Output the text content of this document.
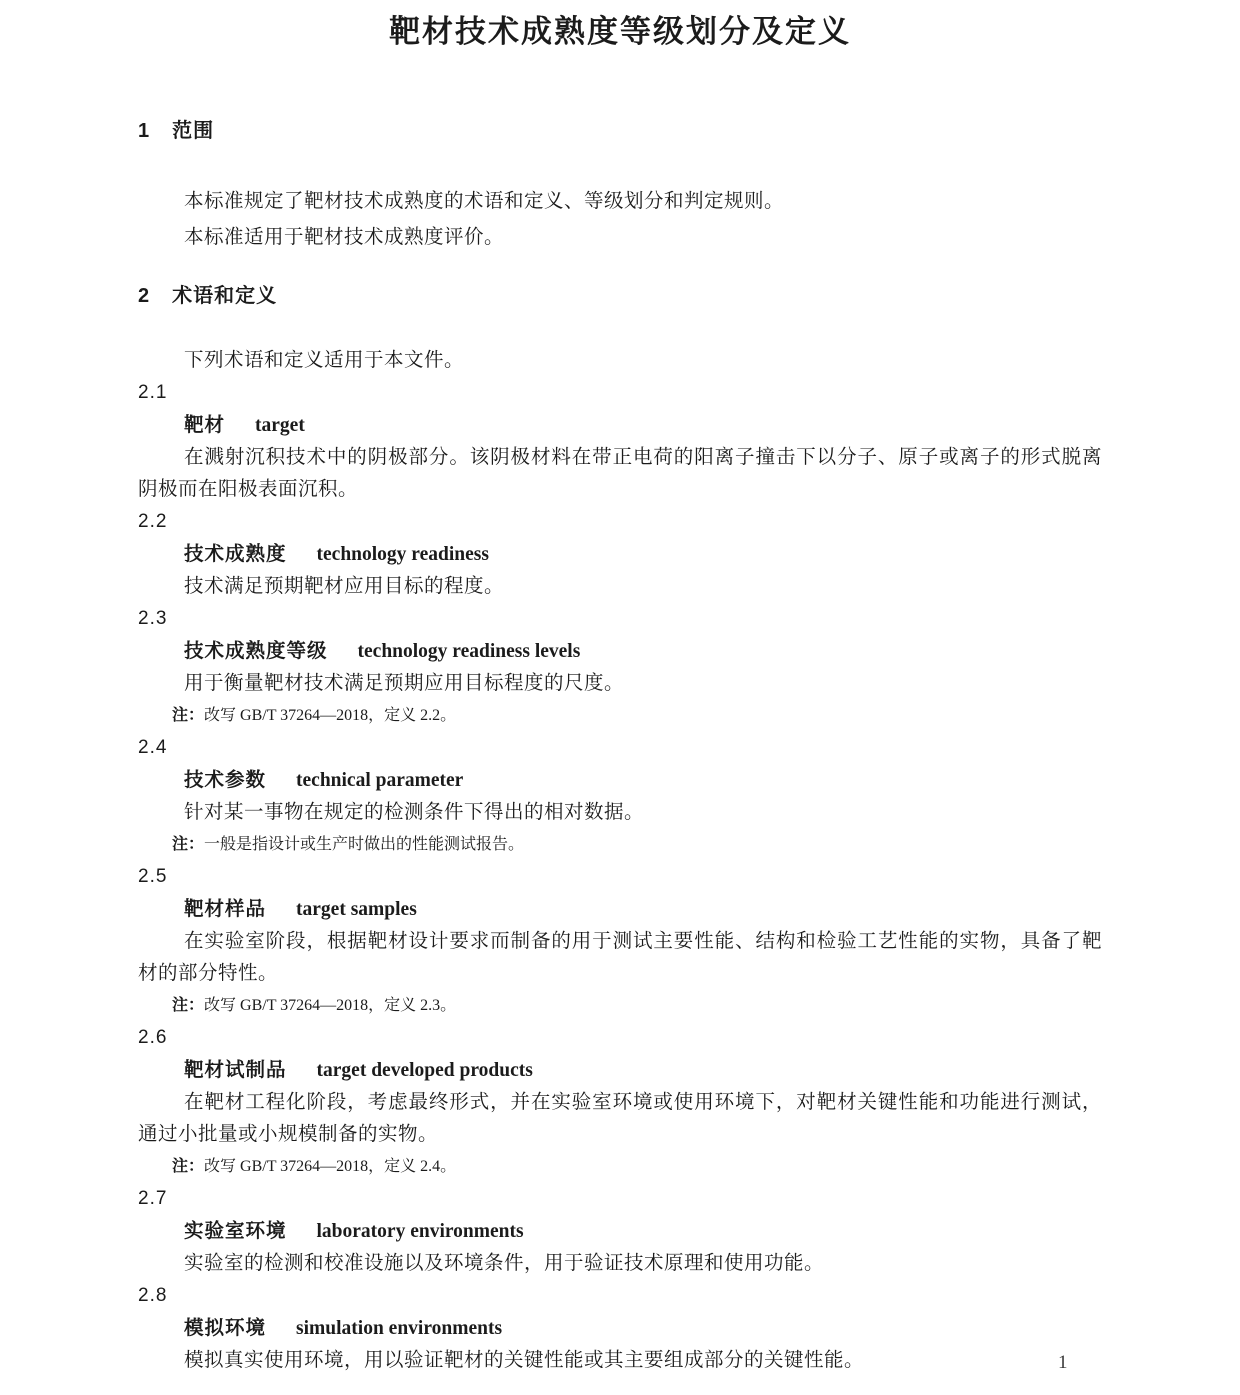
靶材技术成熟度等级划分及定义
1 范围

本标准规定了靶材技术成熟度的术语和定义、等级划分和判定规则。

本标准适用于靶材技术成熟度评价。

2 术语和定义

下列术语和定义适用于本文件。

2.1

靶材 target

在溅射沉积技术中的阴极部分。该阴极材料在带正电荷的阳离子撞击下以分子、原子或离子的形式脱离阴极而在阳极表面沉积。

2.2

技术成熟度 technology readiness

技术满足预期靶材应用目标的程度。

2.3

技术成熟度等级 technology readiness levels

用于衡量靶材技术满足预期应用目标程度的尺度。

注：改写 GB/T 37264—2018，定义 2.2。

2.4

技术参数 technical parameter

针对某一事物在规定的检测条件下得出的相对数据。

注：一般是指设计或生产时做出的性能测试报告。

2.5

靶材样品 target samples

在实验室阶段，根据靶材设计要求而制备的用于测试主要性能、结构和检验工艺性能的实物，具备了靶材的部分特性。

注：改写 GB/T 37264—2018，定义 2.3。

2.6

靶材试制品 target developed products

在靶材工程化阶段，考虑最终形式，并在实验室环境或使用环境下，对靶材关键性能和功能进行测试，通过小批量或小规模制备的实物。

注：改写 GB/T 37264—2018，定义 2.4。

2.7

实验室环境 laboratory environments

实验室的检测和校准设施以及环境条件，用于验证技术原理和使用功能。

2.8

模拟环境 simulation environments

模拟真实使用环境，用以验证靶材的关键性能或其主要组成部分的关键性能。	1
